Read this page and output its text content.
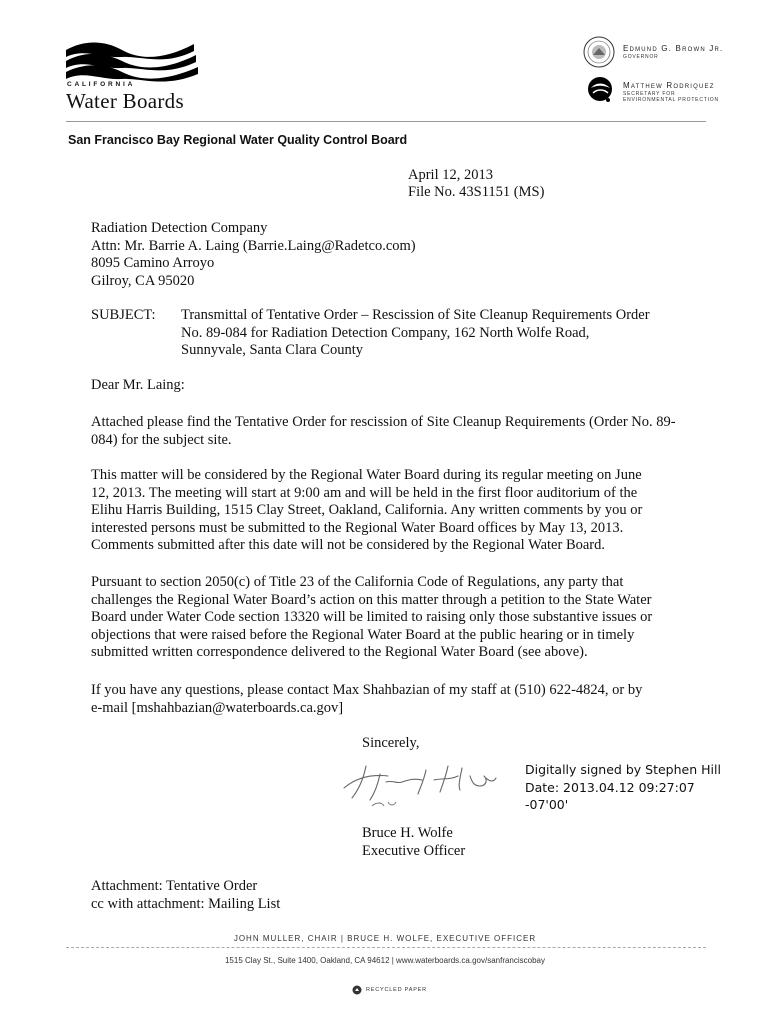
CALIFORNIA
Water Boards
Edmund G. Brown Jr.
GOVERNOR
Matthew Rodriquez
SECRETARY FOR
ENVIRONMENTAL PROTECTION
San Francisco Bay Regional Water Quality Control Board
April 12, 2013
File No. 43S1151 (MS)
Radiation Detection Company
Attn: Mr. Barrie A. Laing (Barrie.Laing@Radetco.com)
8095 Camino Arroyo
Gilroy, CA 95020
SUBJECT: Transmittal of Tentative Order – Rescission of Site Cleanup Requirements Order
No. 89-084 for Radiation Detection Company, 162 North Wolfe Road,
Sunnyvale, Santa Clara County
Dear Mr. Laing:
Attached please find the Tentative Order for rescission of Site Cleanup Requirements (Order No. 89-
084) for the subject site.
This matter will be considered by the Regional Water Board during its regular meeting on June
12, 2013. The meeting will start at 9:00 am and will be held in the first floor auditorium of the
Elihu Harris Building, 1515 Clay Street, Oakland, California. Any written comments by you or
interested persons must be submitted to the Regional Water Board offices by May 13, 2013.
Comments submitted after this date will not be considered by the Regional Water Board.
Pursuant to section 2050(c) of Title 23 of the California Code of Regulations, any party that
challenges the Regional Water Board’s action on this matter through a petition to the State Water
Board under Water Code section 13320 will be limited to raising only those substantive issues or
objections that were raised before the Regional Water Board at the public hearing or in timely
submitted written correspondence delivered to the Regional Water Board (see above).
If you have any questions, please contact Max Shahbazian of my staff at (510) 622-4824, or by
e-mail [mshahbazian@waterboards.ca.gov]
Sincerely,
Digitally signed by Stephen Hill
Date: 2013.04.12 09:27:07
-07'00'
Bruce H. Wolfe
Executive Officer
Attachment: Tentative Order
cc with attachment: Mailing List
JOHN MULLER, CHAIR | BRUCE H. WOLFE, EXECUTIVE OFFICER
1515 Clay St., Suite 1400, Oakland, CA 94612 | www.waterboards.ca.gov/sanfranciscobay
RECYCLED PAPER
